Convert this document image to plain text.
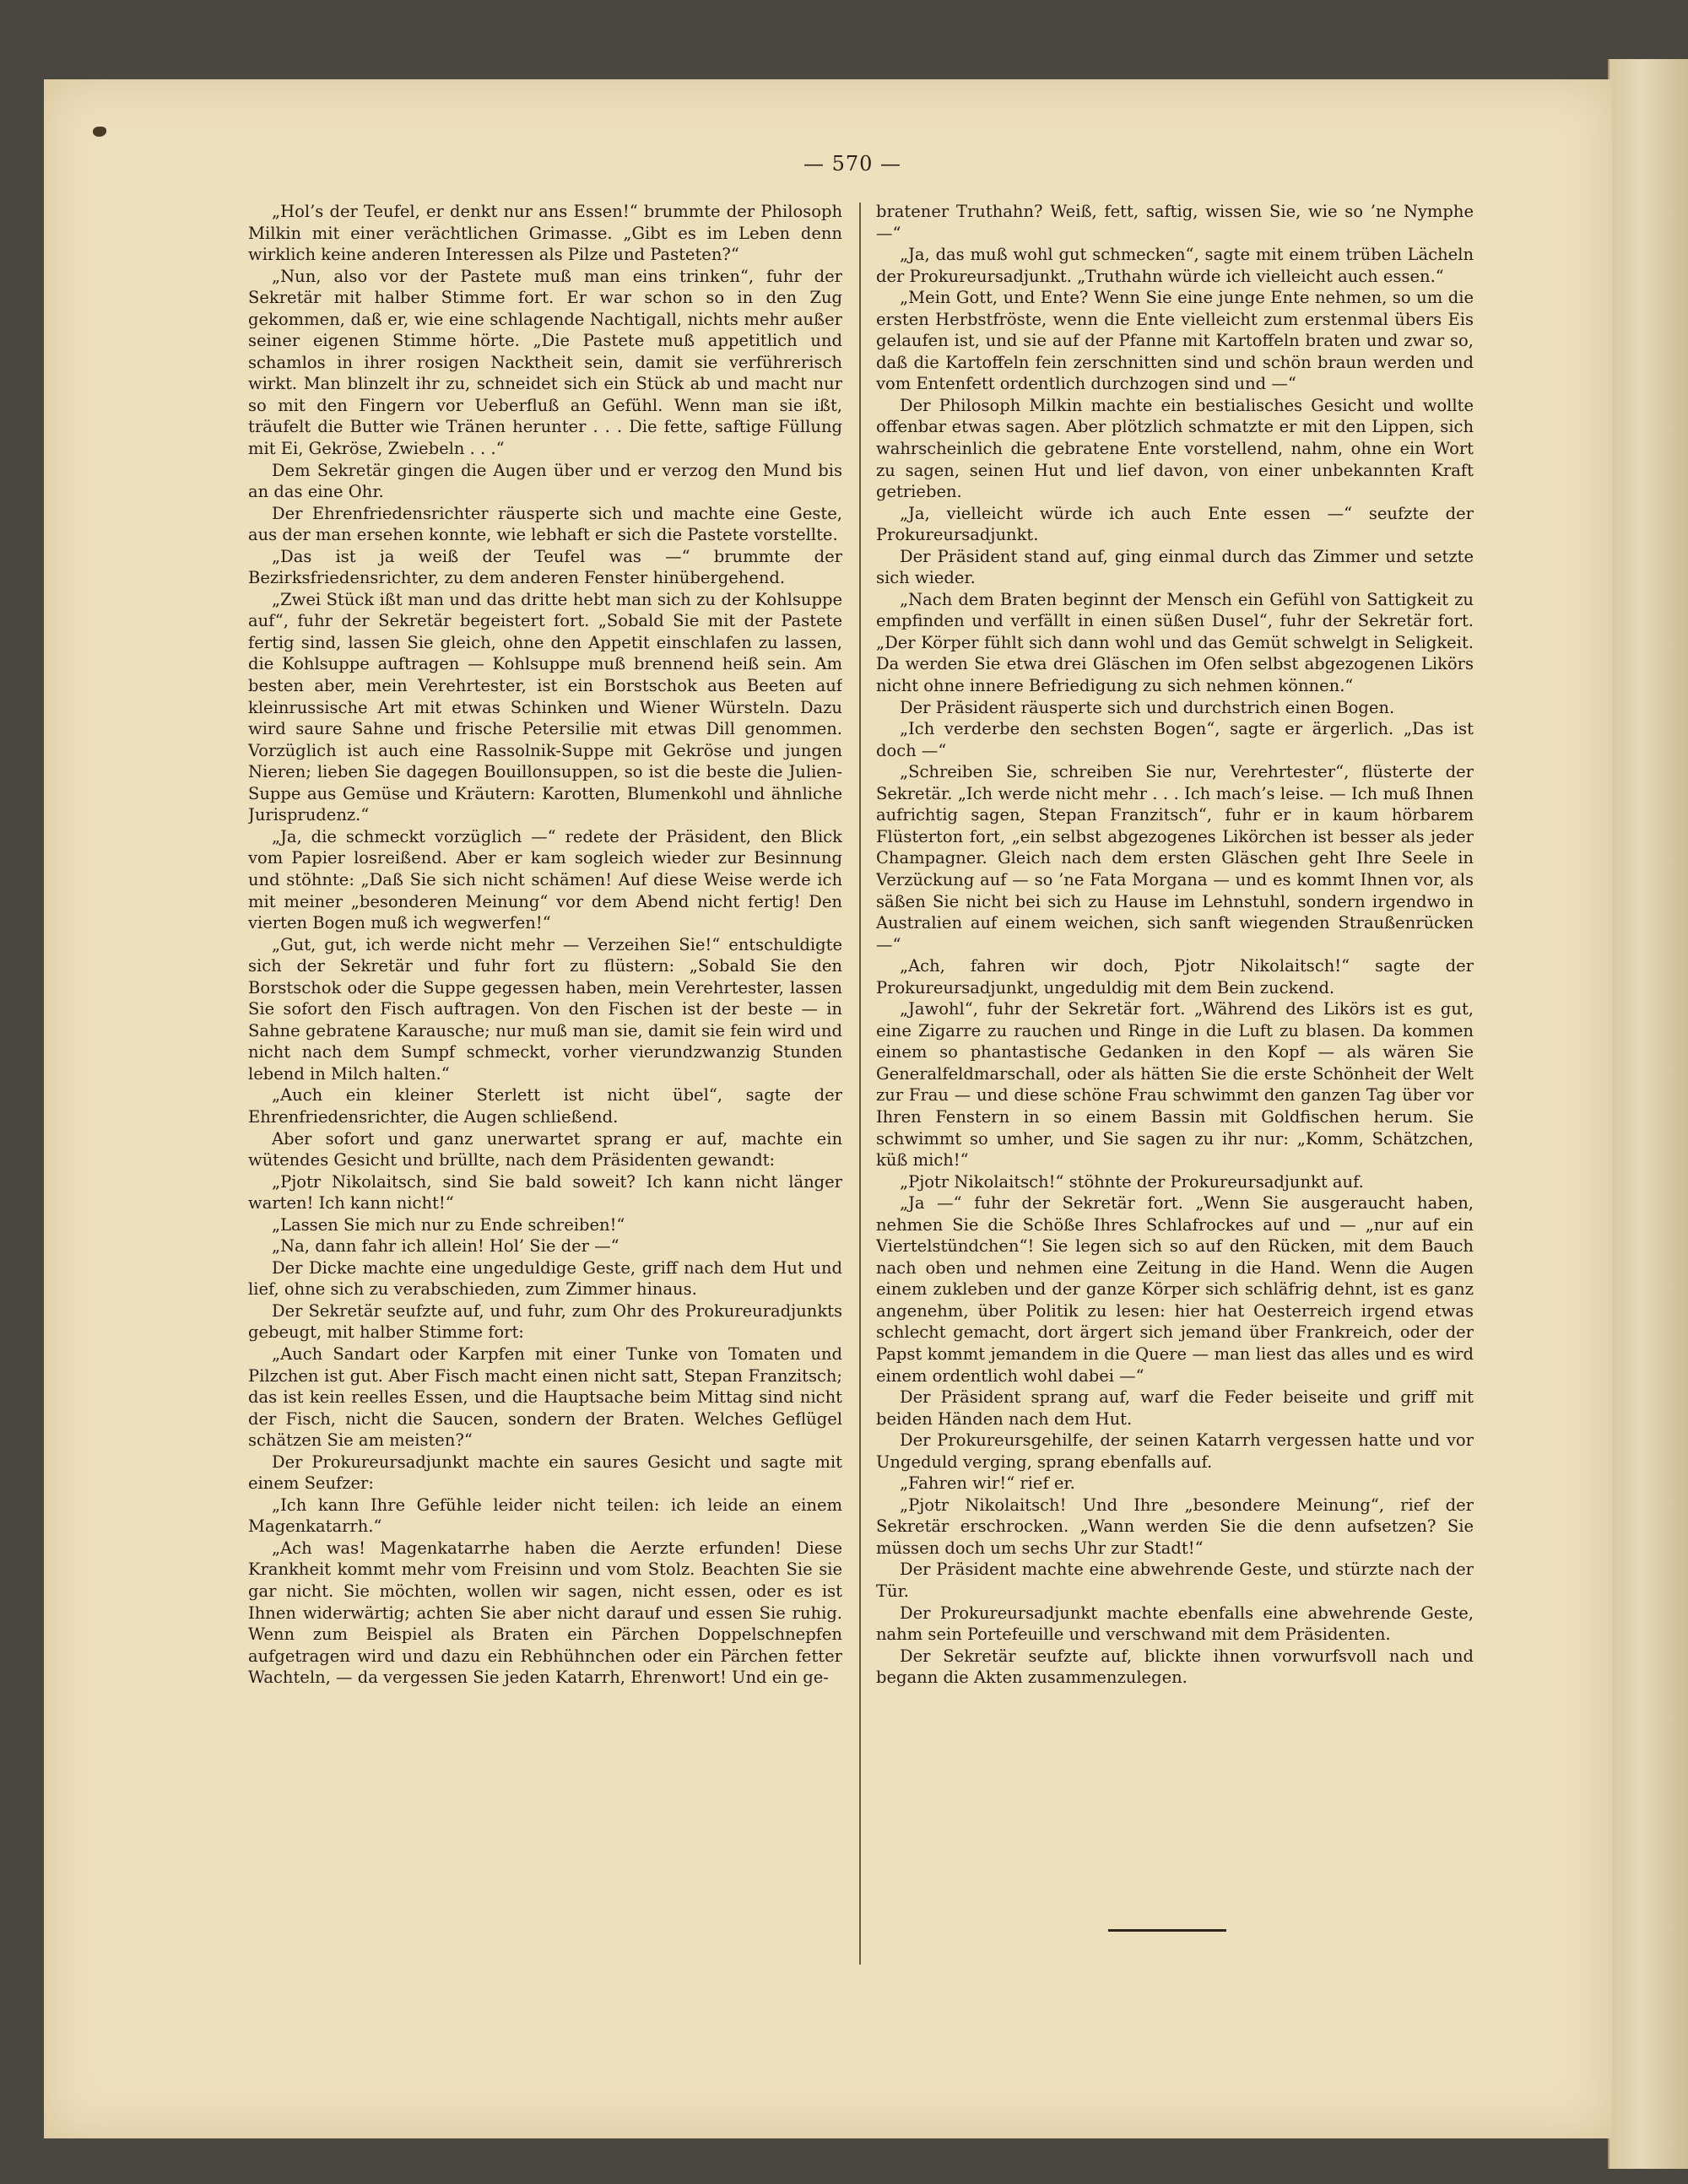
— 570 —

„Hol’s der Teufel, er denkt nur ans Essen!“ brummte der Philosoph Milkin mit einer verächtlichen Grimasse. „Gibt es im Leben denn wirklich keine anderen Interessen als Pilze und Pasteten?“

„Nun, also vor der Pastete muß man eins trinken“, fuhr der Sekretär mit halber Stimme fort. Er war schon so in den Zug gekommen, daß er, wie eine schlagende Nachtigall, nichts mehr außer seiner eigenen Stimme hörte. „Die Pastete muß appetitlich und schamlos in ihrer rosigen Nacktheit sein, damit sie verführerisch wirkt. Man blinzelt ihr zu, schneidet sich ein Stück ab und macht nur so mit den Fingern vor Ueberfluß an Gefühl. Wenn man sie ißt, träufelt die Butter wie Tränen herunter . . . Die fette, saftige Füllung mit Ei, Gekröse, Zwiebeln . . .“

Dem Sekretär gingen die Augen über und er verzog den Mund bis an das eine Ohr.

Der Ehrenfriedensrichter räusperte sich und machte eine Geste, aus der man ersehen konnte, wie lebhaft er sich die Pastete vorstellte.

„Das ist ja weiß der Teufel was —“ brummte der Bezirksfriedensrichter, zu dem anderen Fenster hinübergehend.

„Zwei Stück ißt man und das dritte hebt man sich zu der Kohlsuppe auf“, fuhr der Sekretär begeistert fort. „Sobald Sie mit der Pastete fertig sind, lassen Sie gleich, ohne den Appetit einschlafen zu lassen, die Kohlsuppe auftragen — Kohlsuppe muß brennend heiß sein. Am besten aber, mein Verehrtester, ist ein Borstschok aus Beeten auf kleinrussische Art mit etwas Schinken und Wiener Würsteln. Dazu wird saure Sahne und frische Petersilie mit etwas Dill genommen. Vorzüglich ist auch eine Rassolnik-Suppe mit Gekröse und jungen Nieren; lieben Sie dagegen Bouillonsuppen, so ist die beste die Julien-Suppe aus Gemüse und Kräutern: Karotten, Blumenkohl und ähnliche Jurisprudenz.“

„Ja, die schmeckt vorzüglich —“ redete der Präsident, den Blick vom Papier losreißend. Aber er kam sogleich wieder zur Besinnung und stöhnte: „Daß Sie sich nicht schämen! Auf diese Weise werde ich mit meiner „besonderen Meinung“ vor dem Abend nicht fertig! Den vierten Bogen muß ich wegwerfen!“

„Gut, gut, ich werde nicht mehr — Verzeihen Sie!“ entschuldigte sich der Sekretär und fuhr fort zu flüstern: „Sobald Sie den Borstschok oder die Suppe gegessen haben, mein Verehrtester, lassen Sie sofort den Fisch auftragen. Von den Fischen ist der beste — in Sahne gebratene Karausche; nur muß man sie, damit sie fein wird und nicht nach dem Sumpf schmeckt, vorher vierundzwanzig Stunden lebend in Milch halten.“

„Auch ein kleiner Sterlett ist nicht übel“, sagte der Ehrenfriedensrichter, die Augen schließend.

Aber sofort und ganz unerwartet sprang er auf, machte ein wütendes Gesicht und brüllte, nach dem Präsidenten gewandt:

„Pjotr Nikolaitsch, sind Sie bald soweit? Ich kann nicht länger warten! Ich kann nicht!“

„Lassen Sie mich nur zu Ende schreiben!“

„Na, dann fahr ich allein! Hol’ Sie der —“

Der Dicke machte eine ungeduldige Geste, griff nach dem Hut und lief, ohne sich zu verabschieden, zum Zimmer hinaus.

Der Sekretär seufzte auf, und fuhr, zum Ohr des Prokureuradjunkts gebeugt, mit halber Stimme fort:

„Auch Sandart oder Karpfen mit einer Tunke von Tomaten und Pilzchen ist gut. Aber Fisch macht einen nicht satt, Stepan Franzitsch; das ist kein reelles Essen, und die Hauptsache beim Mittag sind nicht der Fisch, nicht die Saucen, sondern der Braten. Welches Geflügel schätzen Sie am meisten?“

Der Prokureursadjunkt machte ein saures Gesicht und sagte mit einem Seufzer:

„Ich kann Ihre Gefühle leider nicht teilen: ich leide an einem Magenkatarrh.“

„Ach was! Magenkatarrhe haben die Aerzte erfunden! Diese Krankheit kommt mehr vom Freisinn und vom Stolz. Beachten Sie sie gar nicht. Sie möchten, wollen wir sagen, nicht essen, oder es ist Ihnen widerwärtig; achten Sie aber nicht darauf und essen Sie ruhig. Wenn zum Beispiel als Braten ein Pärchen Doppelschnepfen aufgetragen wird und dazu ein Rebhühnchen oder ein Pärchen fetter Wachteln, — da vergessen Sie jeden Katarrh, Ehrenwort! Und ein ge-

bratener Truthahn? Weiß, fett, saftig, wissen Sie, wie so ’ne Nymphe —“

„Ja, das muß wohl gut schmecken“, sagte mit einem trüben Lächeln der Prokureursadjunkt. „Truthahn würde ich vielleicht auch essen.“

„Mein Gott, und Ente? Wenn Sie eine junge Ente nehmen, so um die ersten Herbstfröste, wenn die Ente vielleicht zum erstenmal übers Eis gelaufen ist, und sie auf der Pfanne mit Kartoffeln braten und zwar so, daß die Kartoffeln fein zerschnitten sind und schön braun werden und vom Entenfett ordentlich durchzogen sind und —“

Der Philosoph Milkin machte ein bestialisches Gesicht und wollte offenbar etwas sagen. Aber plötzlich schmatzte er mit den Lippen, sich wahrscheinlich die gebratene Ente vorstellend, nahm, ohne ein Wort zu sagen, seinen Hut und lief davon, von einer unbekannten Kraft getrieben.

„Ja, vielleicht würde ich auch Ente essen —“ seufzte der Prokureursadjunkt.

Der Präsident stand auf, ging einmal durch das Zimmer und setzte sich wieder.

„Nach dem Braten beginnt der Mensch ein Gefühl von Sattigkeit zu empfinden und verfällt in einen süßen Dusel“, fuhr der Sekretär fort. „Der Körper fühlt sich dann wohl und das Gemüt schwelgt in Seligkeit. Da werden Sie etwa drei Gläschen im Ofen selbst abgezogenen Likörs nicht ohne innere Befriedigung zu sich nehmen können.“

Der Präsident räusperte sich und durchstrich einen Bogen.

„Ich verderbe den sechsten Bogen“, sagte er ärgerlich. „Das ist doch —“

„Schreiben Sie, schreiben Sie nur, Verehrtester“, flüsterte der Sekretär. „Ich werde nicht mehr . . . Ich mach’s leise. — Ich muß Ihnen aufrichtig sagen, Stepan Franzitsch“, fuhr er in kaum hörbarem Flüsterton fort, „ein selbst abgezogenes Likörchen ist besser als jeder Champagner. Gleich nach dem ersten Gläschen geht Ihre Seele in Verzückung auf — so ’ne Fata Morgana — und es kommt Ihnen vor, als säßen Sie nicht bei sich zu Hause im Lehnstuhl, sondern irgendwo in Australien auf einem weichen, sich sanft wiegenden Straußenrücken —“

„Ach, fahren wir doch, Pjotr Nikolaitsch!“ sagte der Prokureursadjunkt, ungeduldig mit dem Bein zuckend.

„Jawohl“, fuhr der Sekretär fort. „Während des Likörs ist es gut, eine Zigarre zu rauchen und Ringe in die Luft zu blasen. Da kommen einem so phantastische Gedanken in den Kopf — als wären Sie Generalfeldmarschall, oder als hätten Sie die erste Schönheit der Welt zur Frau — und diese schöne Frau schwimmt den ganzen Tag über vor Ihren Fenstern in so einem Bassin mit Goldfischen herum. Sie schwimmt so umher, und Sie sagen zu ihr nur: „Komm, Schätzchen, küß mich!“

„Pjotr Nikolaitsch!“ stöhnte der Prokureursadjunkt auf.

„Ja —“ fuhr der Sekretär fort. „Wenn Sie ausgeraucht haben, nehmen Sie die Schöße Ihres Schlafrockes auf und — „nur auf ein Viertelstündchen“! Sie legen sich so auf den Rücken, mit dem Bauch nach oben und nehmen eine Zeitung in die Hand. Wenn die Augen einem zukleben und der ganze Körper sich schläfrig dehnt, ist es ganz angenehm, über Politik zu lesen: hier hat Oesterreich irgend etwas schlecht gemacht, dort ärgert sich jemand über Frankreich, oder der Papst kommt jemandem in die Quere — man liest das alles und es wird einem ordentlich wohl dabei —“

Der Präsident sprang auf, warf die Feder beiseite und griff mit beiden Händen nach dem Hut.

Der Prokureursgehilfe, der seinen Katarrh vergessen hatte und vor Ungeduld verging, sprang ebenfalls auf.

„Fahren wir!“ rief er.

„Pjotr Nikolaitsch! Und Ihre „besondere Meinung“, rief der Sekretär erschrocken. „Wann werden Sie die denn aufsetzen? Sie müssen doch um sechs Uhr zur Stadt!“

Der Präsident machte eine abwehrende Geste, und stürzte nach der Tür.

Der Prokureursadjunkt machte ebenfalls eine abwehrende Geste, nahm sein Portefeuille und verschwand mit dem Präsidenten.

Der Sekretär seufzte auf, blickte ihnen vorwurfsvoll nach und begann die Akten zusammenzulegen.
